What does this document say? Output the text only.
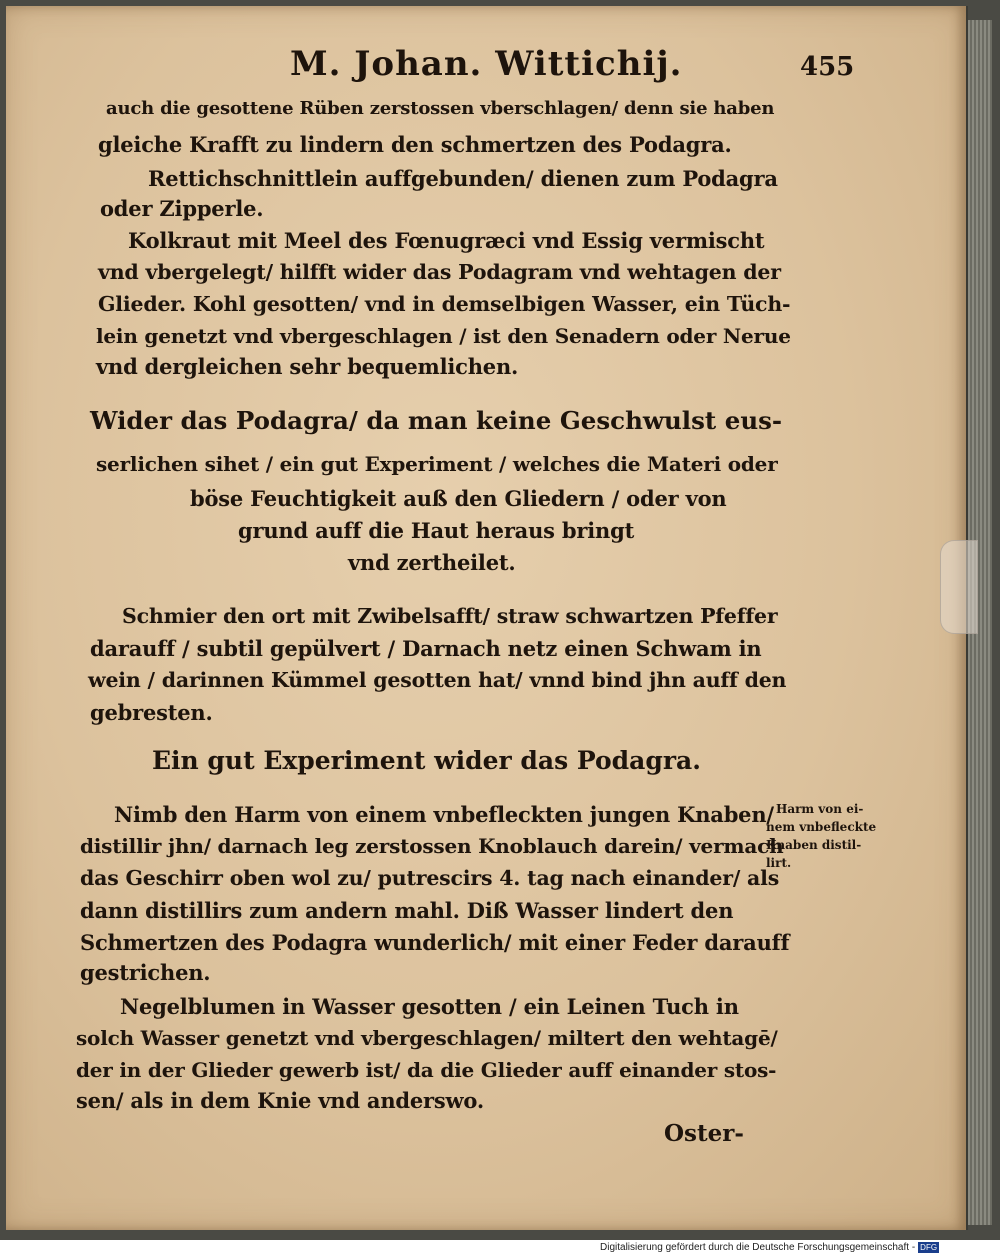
M. Johan. Wittichij.	455
auch die gesottene Rüben zerstossen vberschlagen/ denn sie haben
gleiche Krafft zu lindern den schmertzen des Podagra.
Rettichschnittlein auffgebunden/ dienen zum Podagra
oder Zipperle.
Kolkraut mit Meel des Fœnugræci vnd Essig vermischt
vnd vbergelegt/ hilfft wider das Podagram vnd wehtagen der
Glieder. Kohl gesotten/ vnd in demselbigen Wasser, ein Tüch-
lein genetzt vnd vbergeschlagen / ist den Senadern oder Nerue
vnd dergleichen sehr bequemlichen.
Wider das Podagra/ da man keine Geschwulst eus-
serlichen sihet / ein gut Experiment / welches die Materi oder
böse Feuchtigkeit auß den Gliedern / oder von
grund auff die Haut heraus bringt
vnd zertheilet.
Schmier den ort mit Zwibelsafft/ straw schwartzen Pfeffer
darauff / subtil gepülvert / Darnach netz einen Schwam in
wein / darinnen Kümmel gesotten hat/ vnnd bind jhn auff den
gebresten.
Ein gut Experiment wider das Podagra.
Nimb den Harm von einem vnbefleckten jungen Knaben/
distillir jhn/ darnach leg zerstossen Knoblauch darein/ vermach
das Geschirr oben wol zu/ putrescirs 4. tag nach einander/ als
dann distillirs zum andern mahl. Diß Wasser lindert den
Schmertzen des Podagra wunderlich/ mit einer Feder darauff
gestrichen.
Negelblumen in Wasser gesotten / ein Leinen Tuch in
solch Wasser genetzt vnd vbergeschlagen/ miltert den wehtagē/
der in der Glieder gewerb ist/ da die Glieder auff einander stos-
sen/ als in dem Knie vnd anderswo.
Harm von ei-
nem vnbefleckte
Knaben distil-
lirt.
Oster-
Digitalisierung gefördert durch die Deutsche Forschungsgemeinschaft - DFG
